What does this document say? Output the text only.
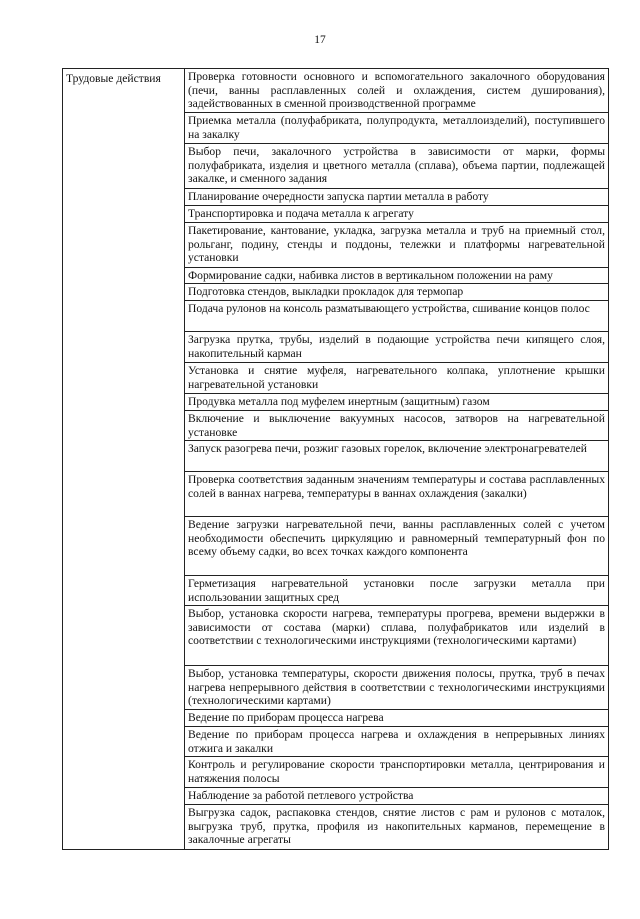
17
Трудовые действия	Проверка готовности основного и вспомогательного закалочного оборудования (печи, ванны расплавленных солей и охлаждения, систем душирования), задействованных в сменной производственной программе
Приемка металла (полуфабриката, полупродукта, металлоизделий), поступившего на закалку
Выбор печи, закалочного устройства в зависимости от марки, формы полуфабриката, изделия и цветного металла (сплава), объема партии, подлежащей закалке, и сменного задания
Планирование очередности запуска партии металла в работу
Транспортировка и подача металла к агрегату
Пакетирование, кантование, укладка, загрузка металла и труб на приемный стол, рольганг, подину, стенды и поддоны, тележки и платформы нагревательной установки
Формирование садки, набивка листов в вертикальном положении на раму
Подготовка стендов, выкладки прокладок для термопар
Подача рулонов на консоль разматывающего устройства, сшивание концов полос
Загрузка прутка, трубы, изделий в подающие устройства печи кипящего слоя, накопительный карман
Установка и снятие муфеля, нагревательного колпака, уплотнение крышки нагревательной установки
Продувка металла под муфелем инертным (защитным) газом
Включение и выключение вакуумных насосов, затворов на нагревательной установке
Запуск разогрева печи, розжиг газовых горелок, включение электронагревателей
Проверка соответствия заданным значениям температуры и состава расплавленных солей в ваннах нагрева, температуры в ваннах охлаждения (закалки)
Ведение загрузки нагревательной печи, ванны расплавленных солей с учетом необходимости обеспечить циркуляцию и равномерный температурный фон по всему объему садки, во всех точках каждого компонента
Герметизация нагревательной установки после загрузки металла при использовании защитных сред
Выбор, установка скорости нагрева, температуры прогрева, времени выдержки в зависимости от состава (марки) сплава, полуфабрикатов или изделий в соответствии с технологическими инструкциями (технологическими картами)
Выбор, установка температуры, скорости движения полосы, прутка, труб в печах нагрева непрерывного действия в соответствии с технологическими инструкциями (технологическими картами)
Ведение по приборам процесса нагрева
Ведение по приборам процесса нагрева и охлаждения в непрерывных линиях отжига и закалки
Контроль и регулирование скорости транспортировки металла, центрирования и натяжения полосы
Наблюдение за работой петлевого устройства
Выгрузка садок, распаковка стендов, снятие листов с рам и рулонов с моталок, выгрузка труб, прутка, профиля из накопительных карманов, перемещение в закалочные агрегаты
